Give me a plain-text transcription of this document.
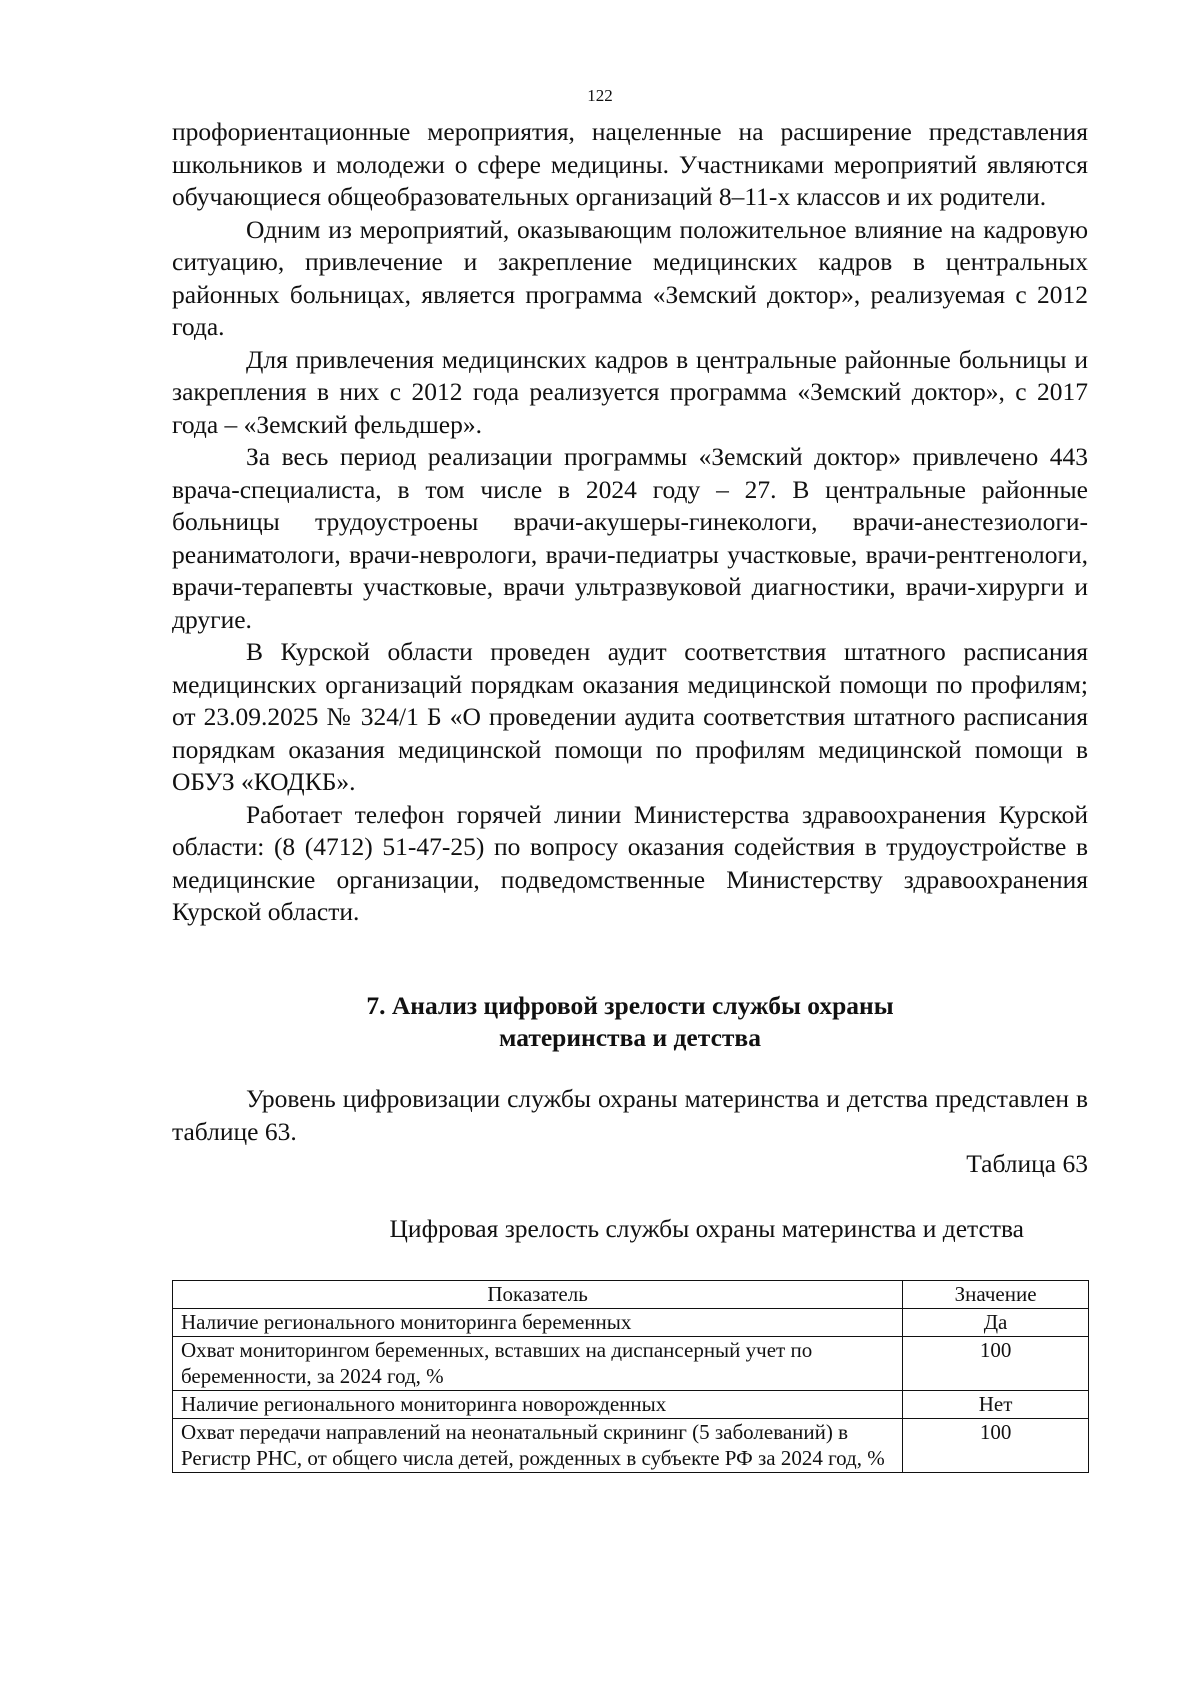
122

профориентационные мероприятия, нацеленные на расширение представления школьников и молодежи о сфере медицины. Участниками мероприятий являются обучающиеся общеобразовательных организаций 8–11-х классов и их родители.

Одним из мероприятий, оказывающим положительное влияние на кадровую ситуацию, привлечение и закрепление медицинских кадров в центральных районных больницах, является программа «Земский доктор», реализуемая с 2012 года.

Для привлечения медицинских кадров в центральные районные больницы и закрепления в них с 2012 года реализуется программа «Земский доктор», с 2017 года – «Земский фельдшер».

За весь период реализации программы «Земский доктор» привлечено 443 врача-специалиста, в том числе в 2024 году – 27. В центральные районные больницы трудоустроены врачи-акушеры-гинекологи, врачи-анестезиологи-реаниматологи, врачи-неврологи, врачи-педиатры участковые, врачи-рентгенологи, врачи-терапевты участковые, врачи ультразвуковой диагностики, врачи-хирурги и другие.

В Курской области проведен аудит соответствия штатного расписания медицинских организаций порядкам оказания медицинской помощи по профилям; от 23.09.2025 № 324/1 Б «О проведении аудита соответствия штатного расписания порядкам оказания медицинской помощи по профилям медицинской помощи в ОБУЗ «КОДКБ».

Работает телефон горячей линии Министерства здравоохранения Курской области: (8 (4712) 51-47-25) по вопросу оказания содействия в трудоустройстве в медицинские организации, подведомственные Министерству здравоохранения Курской области.

7. Анализ цифровой зрелости службы охраны
материнства и детства

Уровень цифровизации службы охраны материнства и детства представлен в таблице 63.

Таблица 63
Цифровая зрелость службы охраны материнства и детства
Показатель	Значение
Наличие регионального мониторинга беременных	Да
Охват мониторингом беременных, вставших на диспансерный учет по беременности, за 2024 год, %	100
Наличие регионального мониторинга новорожденных	Нет
Охват передачи направлений на неонатальный скрининг (5 заболеваний) в Регистр РНС, от общего числа детей, рожденных в субъекте РФ за 2024 год, %	100
